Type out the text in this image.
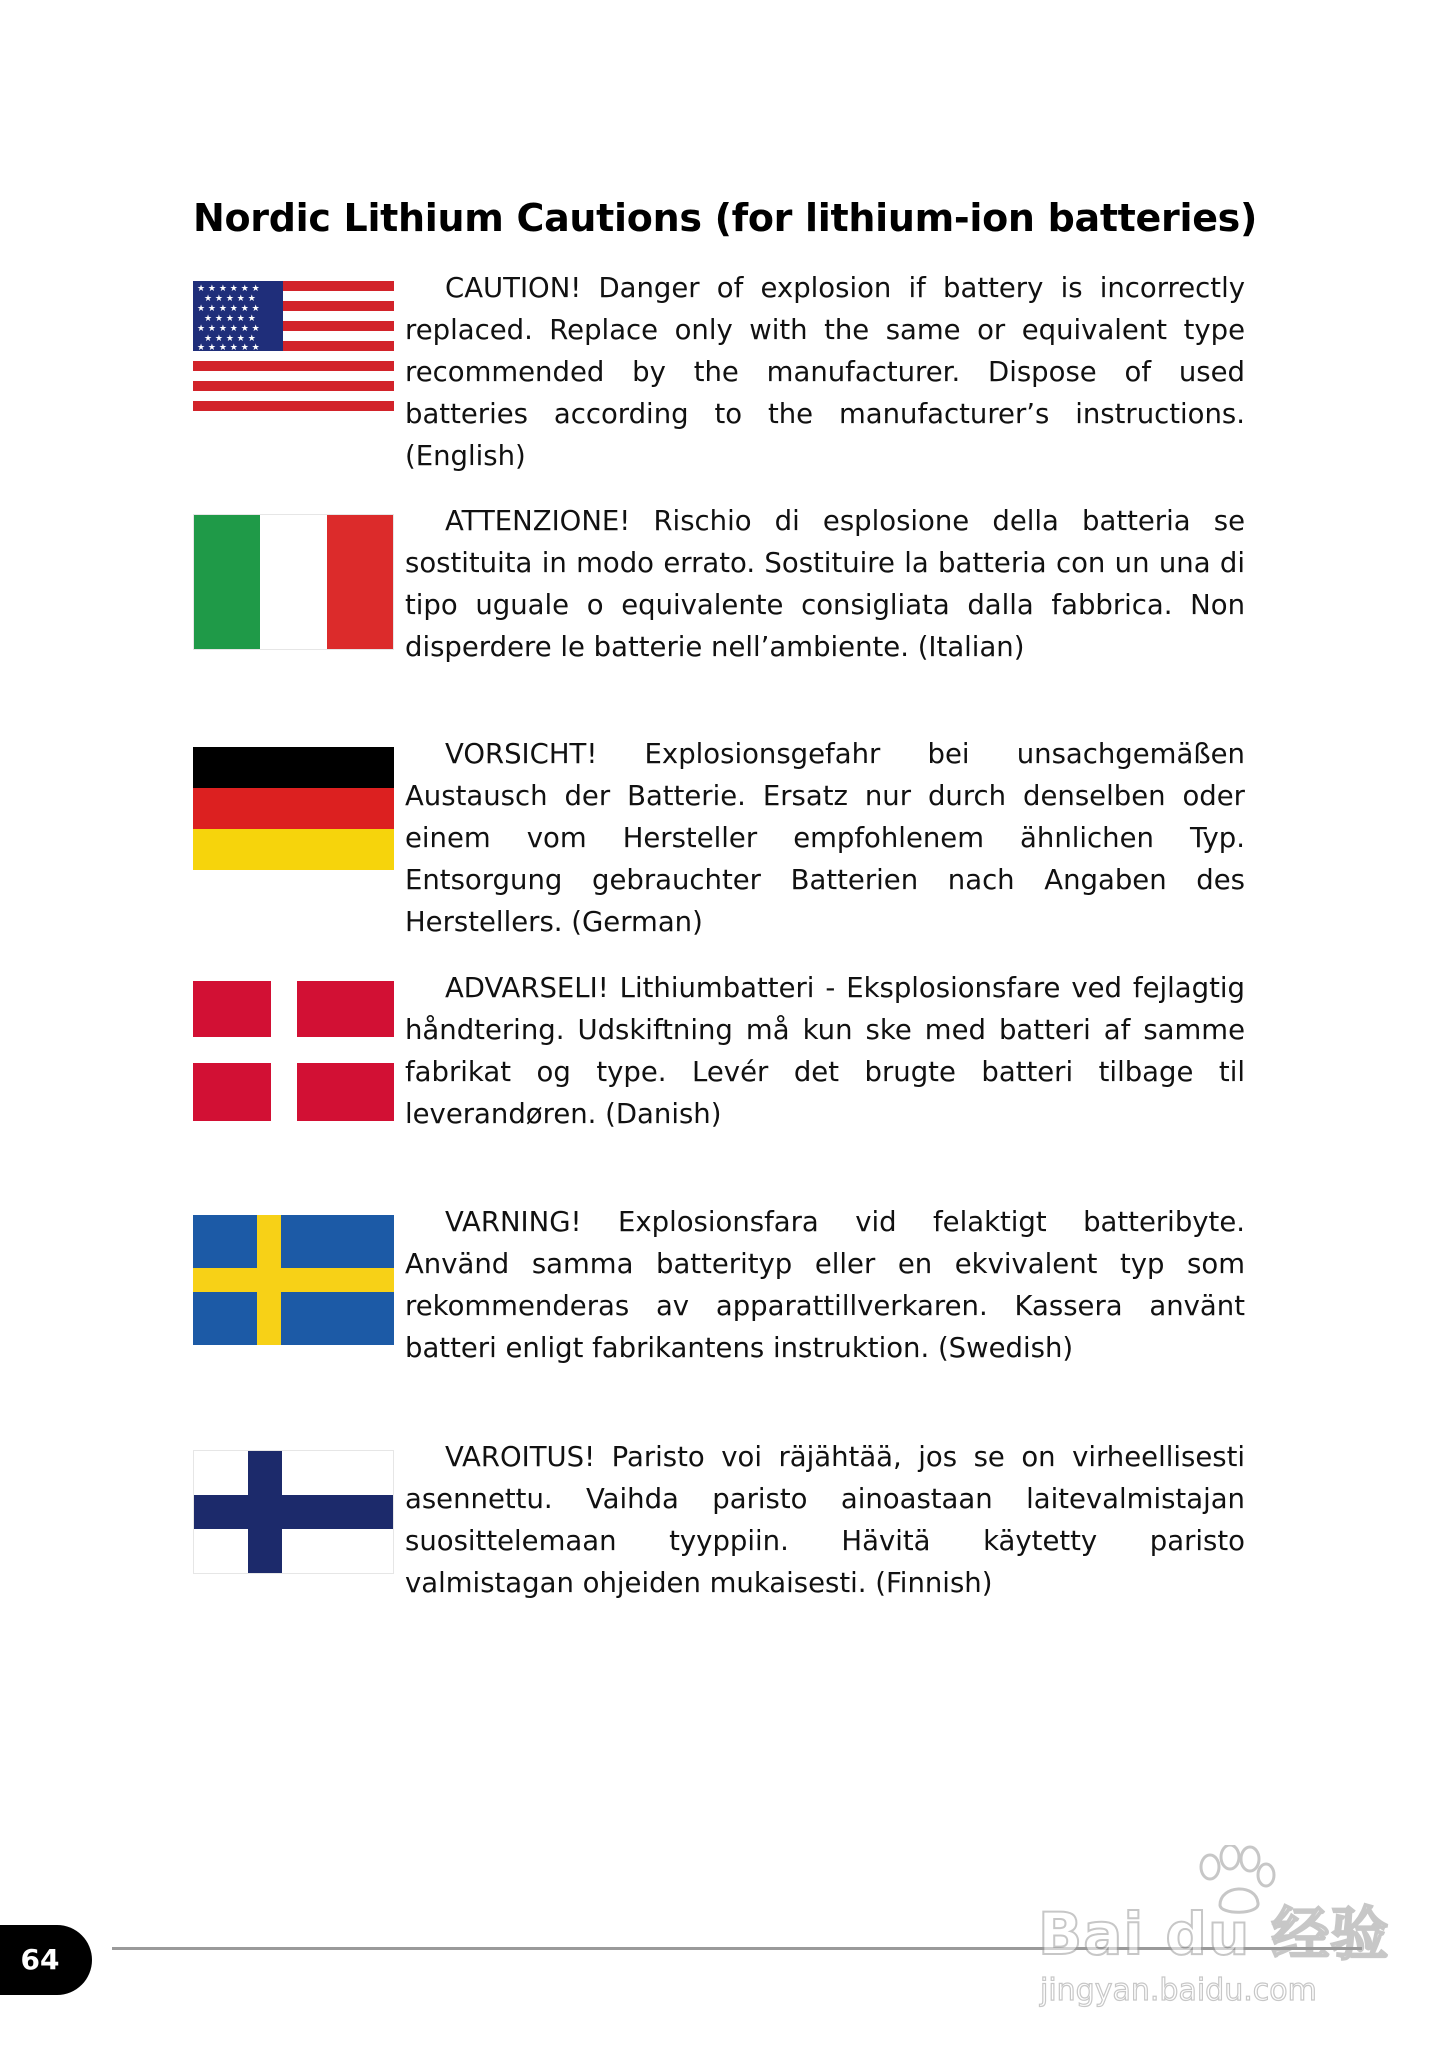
Nordic Lithium Cautions (for lithium-ion batteries)
★ ★ ★ ★ ★ ★
★ ★ ★ ★ ★
★ ★ ★ ★ ★ ★
★ ★ ★ ★ ★
★ ★ ★ ★ ★ ★
★ ★ ★ ★ ★
★ ★ ★ ★ ★ ★

CAUTION! Danger of explosion if battery is incorrectly replaced. Replace only with the same or equivalent type recommended by the manufacturer. Dispose of used batteries according to the manufacturer’s instructions. (English)

ATTENZIONE! Rischio di esplosione della batteria se sostituita in modo errato. Sostituire la batteria con un una di tipo uguale o equivalente consigliata dalla fabbrica. Non disperdere le batterie nell’ambiente. (Italian)

VORSICHT! Explosionsgefahr bei unsachgemäßen Austausch der Batterie. Ersatz nur durch denselben oder einem vom Hersteller empfohlenem ähnlichen Typ. Entsorgung gebrauchter Batterien nach Angaben des Herstellers. (German)

ADVARSELI! Lithiumbatteri - Eksplosionsfare ved fejlagtig håndtering. Udskiftning må kun ske med batteri af samme fabrikat og type. Levér det brugte batteri tilbage til leverandøren. (Danish)

VARNING! Explosionsfara vid felaktigt batteribyte. Använd samma batterityp eller en ekvivalent typ som rekommenderas av apparattillverkaren. Kassera använt batteri enligt fabrikantens instruktion. (Swedish)

VAROITUS! Paristo voi räjähtää, jos se on virheellisesti asennettu. Vaihda paristo ainoastaan laitevalmistajan suosittelemaan tyyppiin. Hävitä käytetty paristo valmistagan ohjeiden mukaisesti. (Finnish)

64	Bai du 经验
jingyan.baidu.com
